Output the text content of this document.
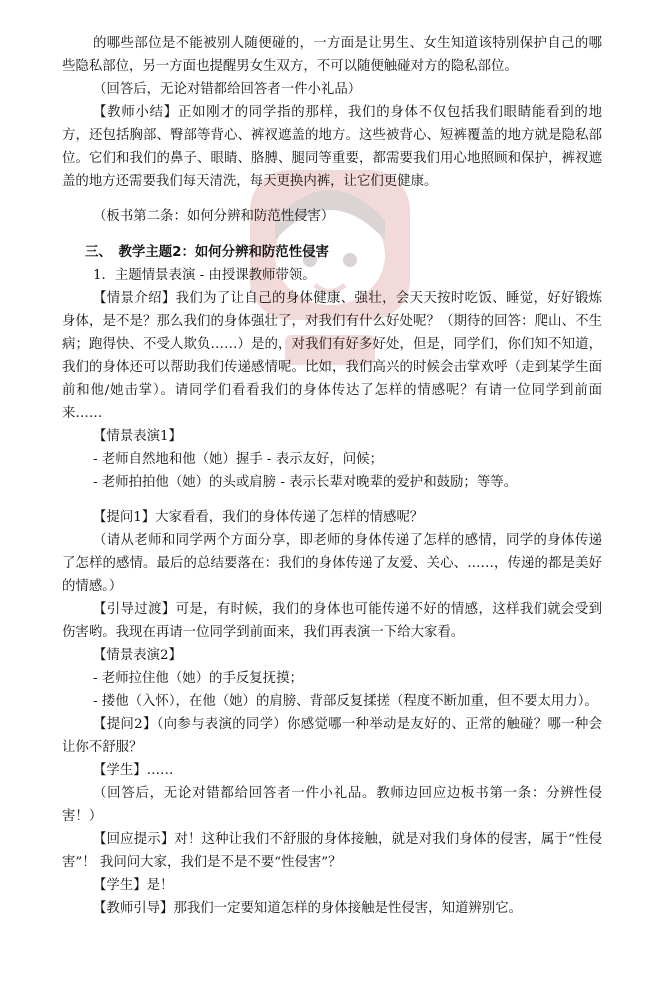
的哪些部位是不能被别人随便碰的，一方面是让男生、女生知道该特别保护自己的哪些隐私部位，另一方面也提醒男女生双方，不可以随便触碰对方的隐私部位。

（回答后，无论对错都给回答者一件小礼品）

【教师小结】正如刚才的同学指的那样，我们的身体不仅包括我们眼睛能看到的地方，还包括胸部、臀部等背心、裤衩遮盖的地方。这些被背心、短裤覆盖的地方就是隐私部位。它们和我们的鼻子、眼睛、胳膊、腿同等重要，都需要我们用心地照顾和保护，裤衩遮盖的地方还需要我们每天清洗，每天更换内裤，让它们更健康。

（板书第二条：如何分辨和防范性侵害）

三、　教学主题2：如何分辨和防范性侵害

1．主题情景表演 - 由授课教师带领。

【情景介绍】我们为了让自己的身体健康、强壮，会天天按时吃饭、睡觉，好好锻炼身体，是不是？那么我们的身体强壮了，对我们有什么好处呢？（期待的回答：爬山、不生病；跑得快、不受人欺负……）是的，对我们有好多好处，但是，同学们，你们知不知道，我们的身体还可以帮助我们传递感情呢。比如，我们高兴的时候会击掌欢呼（走到某学生面前和他/她击掌）。请同学们看看我们的身体传达了怎样的情感呢？有请一位同学到前面来……

【情景表演1】

- 老师自然地和他（她）握手 - 表示友好，问候；

- 老师拍拍他（她）的头或肩膀 - 表示长辈对晚辈的爱护和鼓励；等等。

【提问1】大家看看，我们的身体传递了怎样的情感呢？

（请从老师和同学两个方面分享，即老师的身体传递了怎样的感情，同学的身体传递了怎样的感情。最后的总结要落在：我们的身体传递了友爱、关心、……，传递的都是美好的情感。）

【引导过渡】可是，有时候，我们的身体也可能传递不好的情感，这样我们就会受到伤害哟。我现在再请一位同学到前面来，我们再表演一下给大家看。

【情景表演2】

- 老师拉住他（她）的手反复抚摸；

- 搂他（入怀），在他（她）的肩膀、背部反复揉搓（程度不断加重，但不要太用力）。

【提问2】（向参与表演的同学）你感觉哪一种举动是友好的、正常的触碰？哪一种会让你不舒服？

【学生】……

（回答后，无论对错都给回答者一件小礼品。教师边回应边板书第一条：分辨性侵害！）

【回应提示】对！这种让我们不舒服的身体接触，就是对我们身体的侵害，属于“性侵害”！ 我问问大家，我们是不是不要“性侵害”？

【学生】是！

【教师引导】那我们一定要知道怎样的身体接触是性侵害，知道辨别它。
